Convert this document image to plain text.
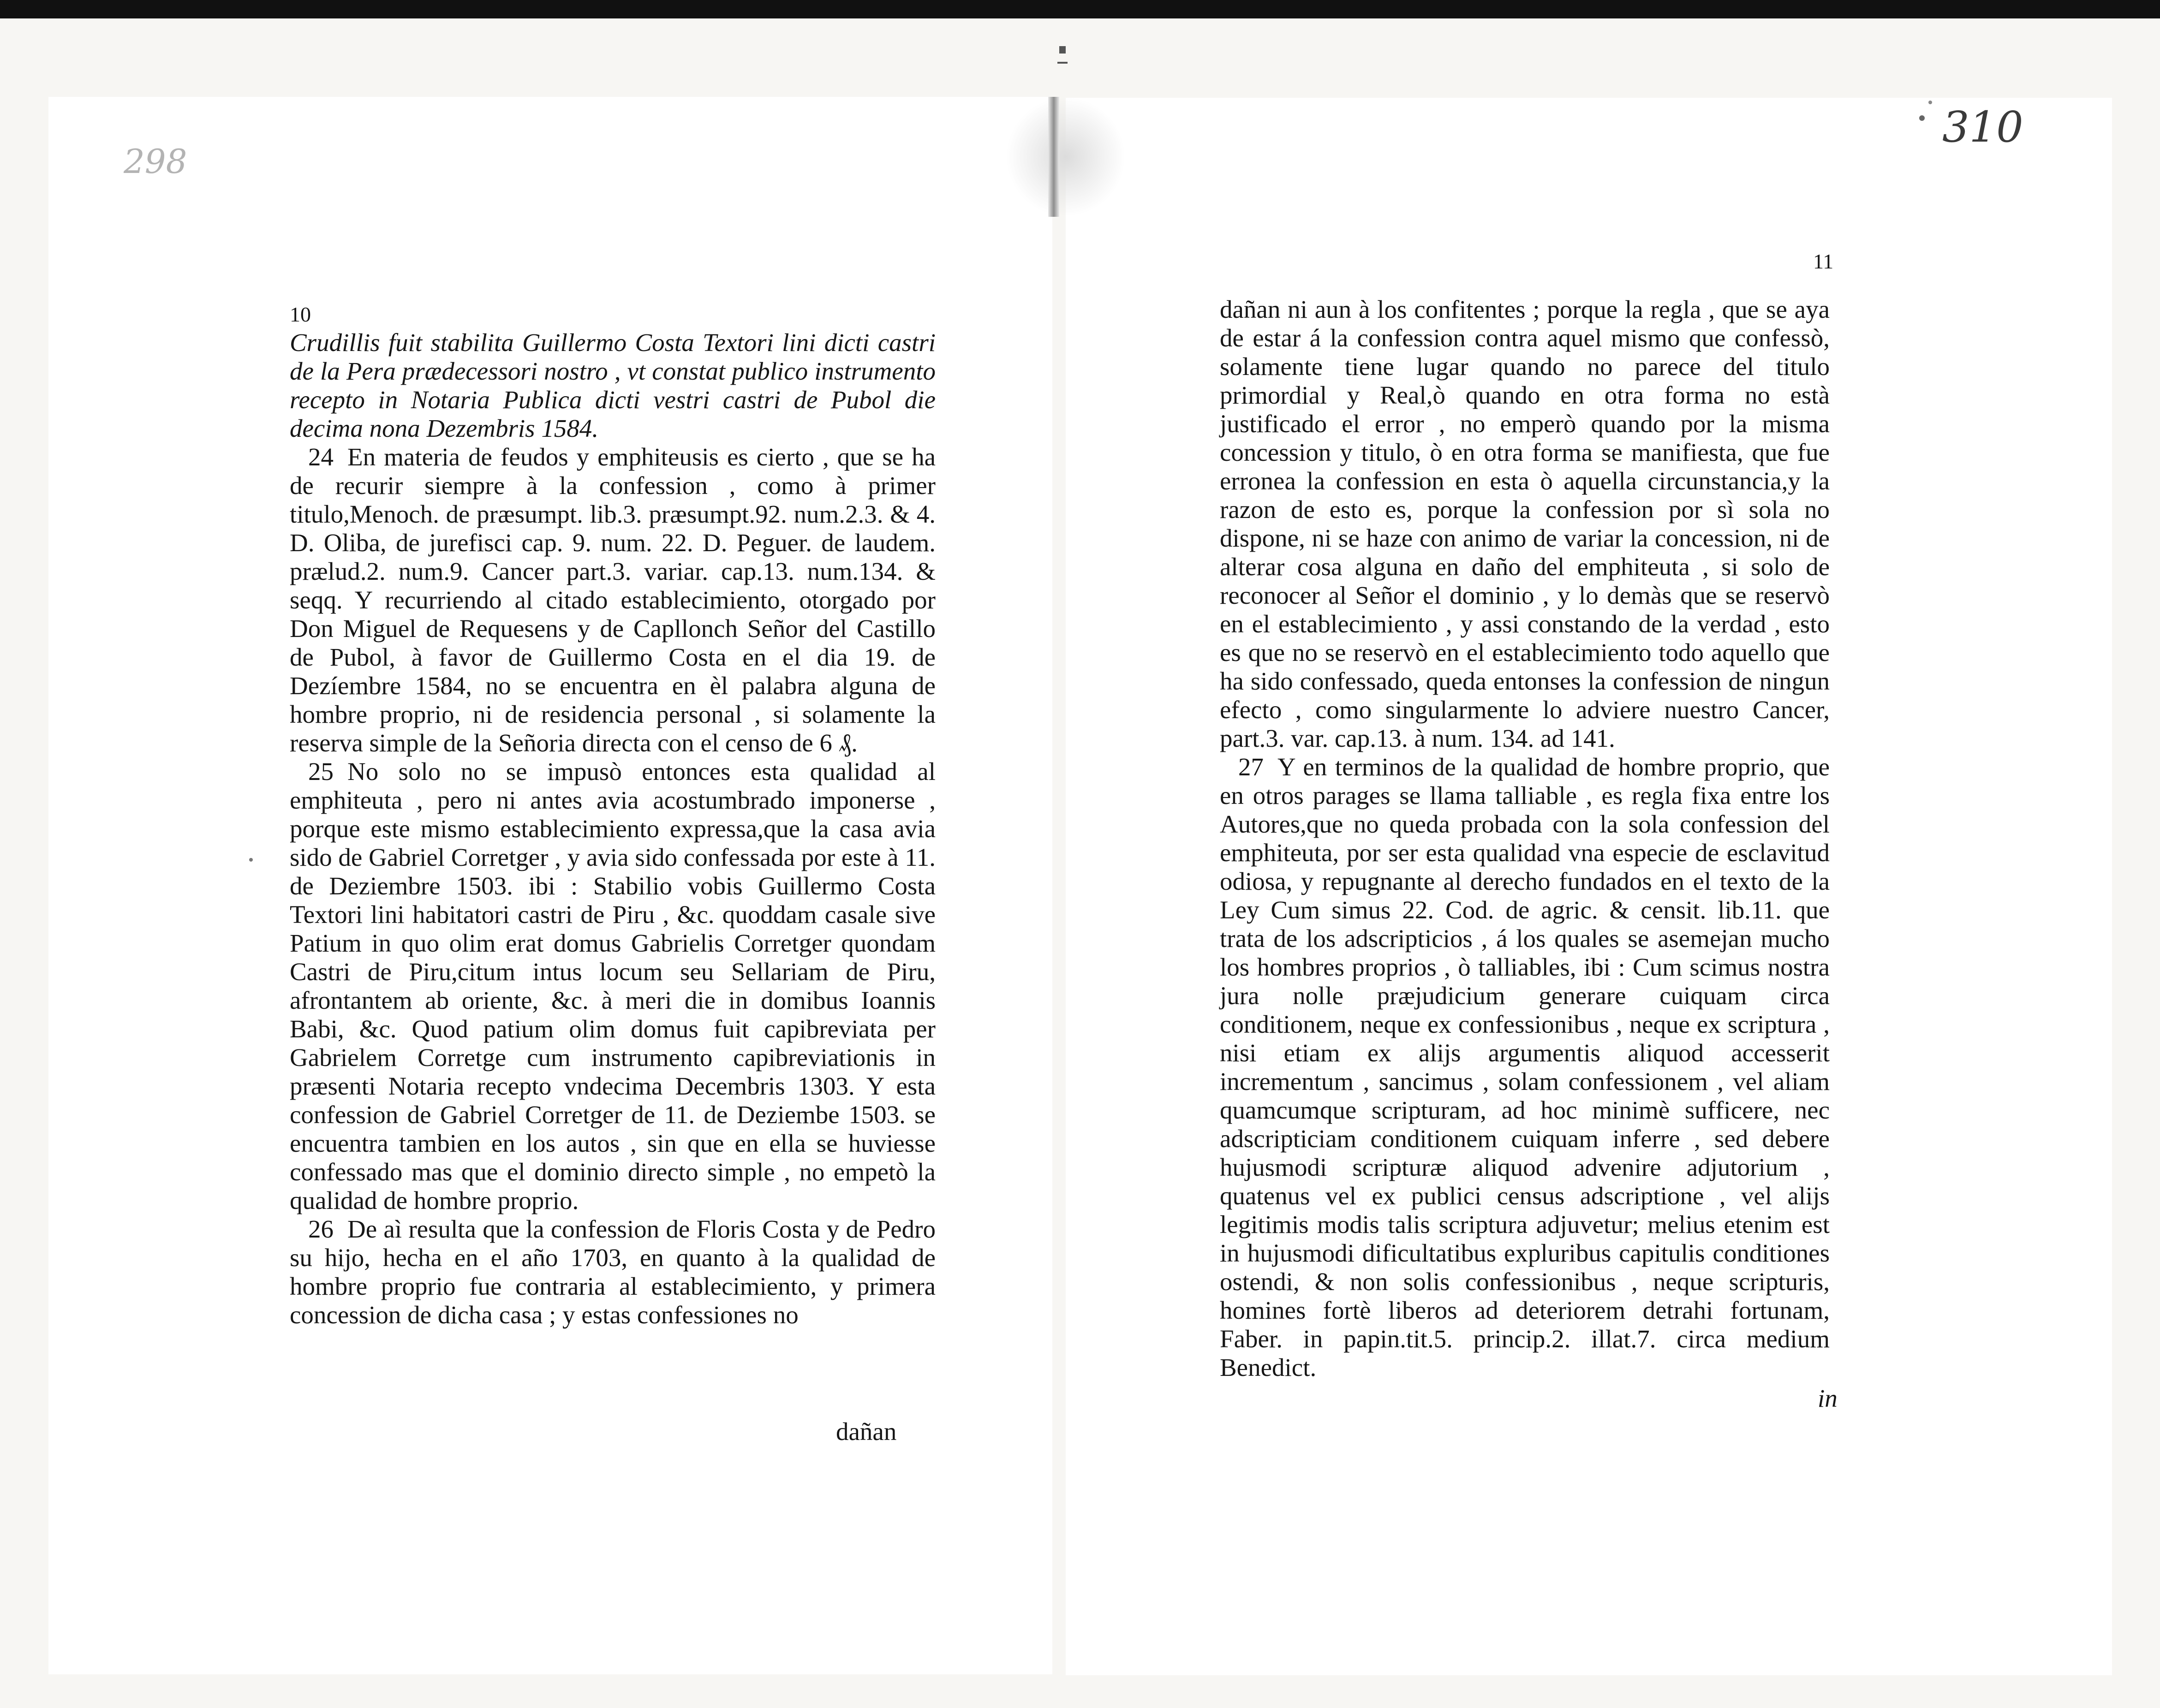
298
310
10
11

Crudillis fuit stabilita Guillermo Costa Textori lini dicti castri de la Pera prædecessori nostro , vt constat publico instrumento recepto in Notaria Publica dicti vestri castri de Pubol die decima nona Dezembris 1584.

24 En materia de feudos y emphiteusis es cierto , que se ha de recurir siempre à la confession , como à primer titulo,Menoch. de præsumpt. lib.3. præsumpt.92. num.2.3. & 4. D. Oliba, de jurefisci cap. 9. num. 22. D. Peguer. de laudem. prælud.2. num.9. Cancer part.3. variar. cap.13. num.134. & seqq. Y recurriendo al citado establecimiento, otorgado por Don Miguel de Requesens y de Capllonch Señor del Castillo de Pubol, à favor de Guillermo Costa en el dia 19. de Dezíembre 1584, no se encuentra en èl palabra alguna de hombre proprio, ni de residencia personal , si solamente la reserva simple de la Señoria directa con el censo de 6 ₰.

25 No solo no se impusò entonces esta qualidad al emphiteuta , pero ni antes avia acostumbrado imponerse , porque este mismo establecimiento expressa,que la casa avia sido de Gabriel Corretger , y avia sido confessada por este à 11. de Deziembre 1503. ibi : Stabilio vobis Guillermo Costa Textori lini habitatori castri de Piru , &c. quoddam casale sive Patium in quo olim erat domus Gabrielis Corretger quondam Castri de Piru,citum intus locum seu Sellariam de Piru, afrontantem ab oriente, &c. à meri die in domibus Ioannis Babi, &c. Quod patium olim domus fuit capibreviata per Gabrielem Corretge cum instrumento capibreviationis in præsenti Notaria recepto vndecima Decembris 1303. Y esta confession de Gabriel Corretger de 11. de Deziembe 1503. se encuentra tambien en los autos , sin que en ella se huviesse confessado mas que el dominio directo simple , no empetò la qualidad de hombre proprio.

26 De aì resulta que la confession de Floris Costa y de Pedro su hijo, hecha en el año 1703, en quanto à la qualidad de hombre proprio fue contraria al establecimiento, y primera concession de dicha casa ; y estas confessiones no

dañan

dañan ni aun à los confitentes ; porque la regla , que se aya de estar á la confession contra aquel mismo que confessò, solamente tiene lugar quando no parece del titulo primordial y Real,ò quando en otra forma no està justificado el error , no emperò quando por la misma concession y titulo, ò en otra forma se manifiesta, que fue erronea la confession en esta ò aquella circunstancia,y la razon de esto es, porque la confession por sì sola no dispone, ni se haze con animo de variar la concession, ni de alterar cosa alguna en daño del emphiteuta , si solo de reconocer al Señor el dominio , y lo demàs que se reservò en el establecimiento , y assi constando de la verdad , esto es que no se reservò en el establecimiento todo aquello que ha sido confessado, queda entonses la confession de ningun efecto , como singularmente lo adviere nuestro Cancer, part.3. var. cap.13. à num. 134. ad 141.

27 Y en terminos de la qualidad de hombre proprio, que en otros parages se llama talliable , es regla fixa entre los Autores,que no queda probada con la sola confession del emphiteuta, por ser esta qualidad vna especie de esclavitud odiosa, y repugnante al derecho fundados en el texto de la Ley Cum simus 22. Cod. de agric. & censit. lib.11. que trata de los adscripticios , á los quales se asemejan mucho los hombres proprios , ò talliables, ibi : Cum scimus nostra jura nolle præjudicium generare cuiquam circa conditionem, neque ex confessionibus , neque ex scriptura , nisi etiam ex alijs argumentis aliquod accesserit incrementum , sancimus , solam confessionem , vel aliam quamcumque scripturam, ad hoc minimè sufficere, nec adscripticiam conditionem cuiquam inferre , sed debere hujusmodi scripturæ aliquod advenire adjutorium , quatenus vel ex publici census adscriptione , vel alijs legitimis modis talis scriptura adjuvetur; melius etenim est in hujusmodi dificultatibus expluribus capitulis conditiones ostendi, & non solis confessionibus , neque scripturis, homines fortè liberos ad deteriorem detrahi fortunam, Faber. in papin.tit.5. princip.2. illat.7. circa medium Benedict.

in
